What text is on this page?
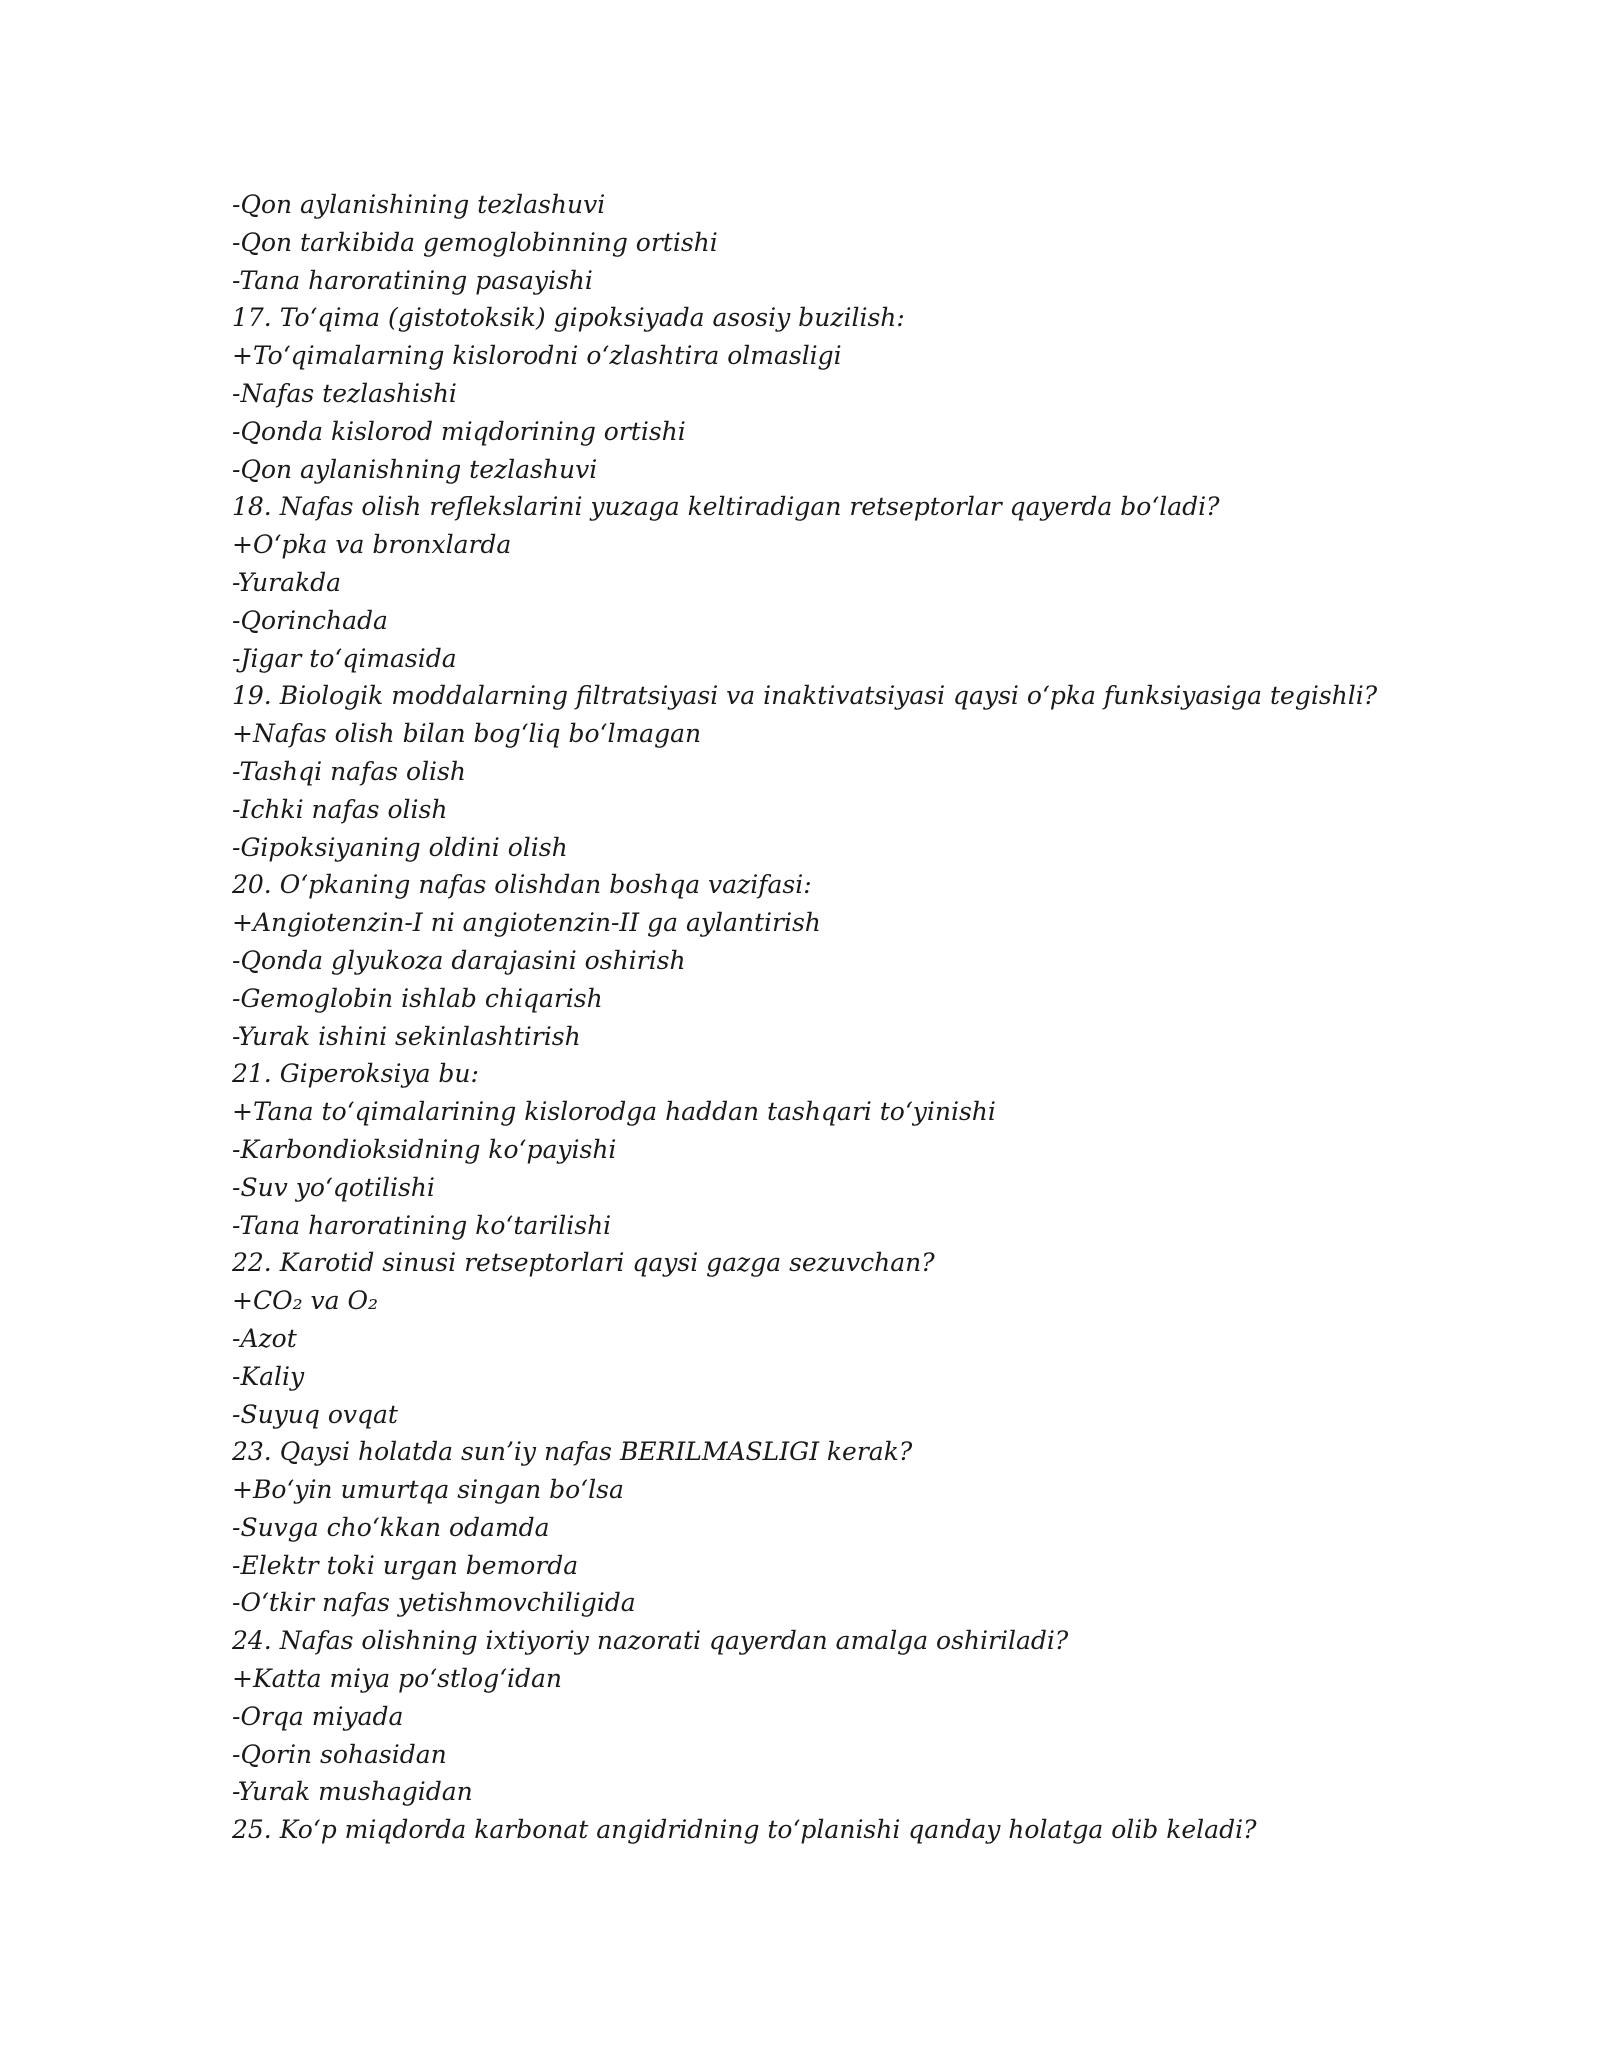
-Qon aylanishining tezlashuvi
-Qon tarkibida gemoglobinning ortishi
-Tana haroratining pasayishi
17. To‘qima (gistotoksik) gipoksiyada asosiy buzilish:
+To‘qimalarning kislorodni o‘zlashtira olmasligi
-Nafas tezlashishi
-Qonda kislorod miqdorining ortishi
-Qon aylanishning tezlashuvi
18. Nafas olish reflekslarini yuzaga keltiradigan retseptorlar qayerda bo‘ladi?
+O‘pka va bronxlarda
-Yurakda
-Qorinchada
-Jigar to‘qimasida
19. Biologik moddalarning filtratsiyasi va inaktivatsiyasi qaysi o‘pka funksiyasiga tegishli?
+Nafas olish bilan bog‘liq bo‘lmagan
-Tashqi nafas olish
-Ichki nafas olish
-Gipoksiyaning oldini olish
20. O‘pkaning nafas olishdan boshqa vazifasi:
+Angiotenzin-I ni angiotenzin-II ga aylantirish
-Qonda glyukoza darajasini oshirish
-Gemoglobin ishlab chiqarish
-Yurak ishini sekinlashtirish
21. Giperoksiya bu:
+Tana to‘qimalarining kislorodga haddan tashqari to‘yinishi
-Karbondioksidning ko‘payishi
-Suv yo‘qotilishi
-Tana haroratining ko‘tarilishi
22. Karotid sinusi retseptorlari qaysi gazga sezuvchan?
+CO₂ va O₂
-Azot
-Kaliy
-Suyuq ovqat
23. Qaysi holatda sun’iy nafas BERILMASLIGI kerak?
+Bo‘yin umurtqa singan bo‘lsa
-Suvga cho‘kkan odamda
-Elektr toki urgan bemorda
-O‘tkir nafas yetishmovchiligida
24. Nafas olishning ixtiyoriy nazorati qayerdan amalga oshiriladi?
+Katta miya po‘stlog‘idan
-Orqa miyada
-Qorin sohasidan
-Yurak mushagidan
25. Ko‘p miqdorda karbonat angidridning to‘planishi qanday holatga olib keladi?
